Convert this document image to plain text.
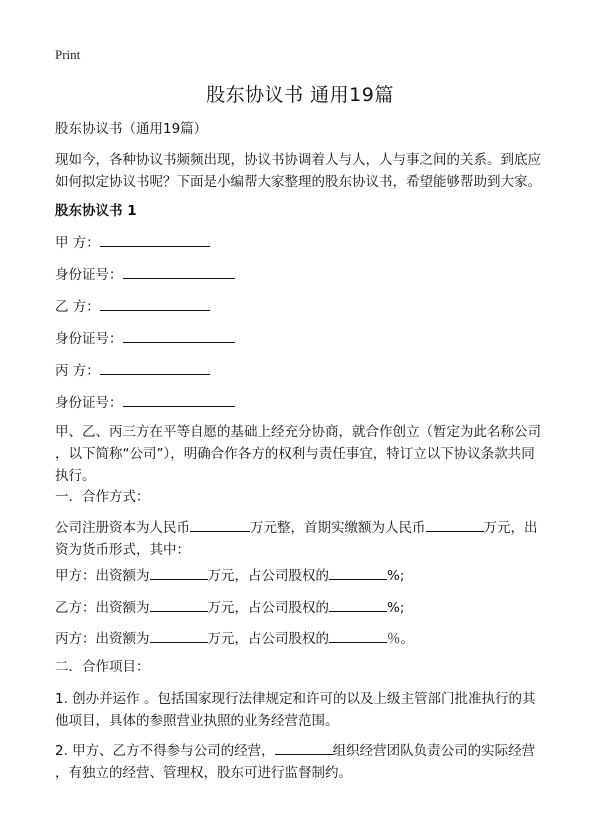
Print
股东协议书 通用19篇
股东协议书（通用19篇）
现如今，各种协议书频频出现，协议书协调着人与人，人与事之间的关系。到底应
如何拟定协议书呢？下面是小编帮大家整理的股东协议书，希望能够帮助到大家。
股东协议书 1
甲 方：
身份证号：
乙 方：
身份证号：
丙 方：
身份证号：
甲、乙、丙三方在平等自愿的基础上经充分协商，就合作创立（暂定为此名称公司
，以下简称“公司”），明确合作各方的权利与责任事宜，特订立以下协议条款共同
执行。
一．合作方式：
公司注册资本为人民币	万元整，首期实缴额为人民币	万元，出
资为货币形式，其中：
甲方：出资额为	万元，占公司股权的	%;
乙方：出资额为	万元，占公司股权的	%;
丙方：出资额为	万元，占公司股权的	％。
二．合作项目：
1. 创办并运作 。包括国家现行法律规定和许可的以及上级主管部门批准执行的其
他项目，具体的参照营业执照的业务经营范围。
2. 甲方、乙方不得参与公司的经营，	组织经营团队负责公司的实际经营
，有独立的经营、管理权，股东可进行监督制约。
